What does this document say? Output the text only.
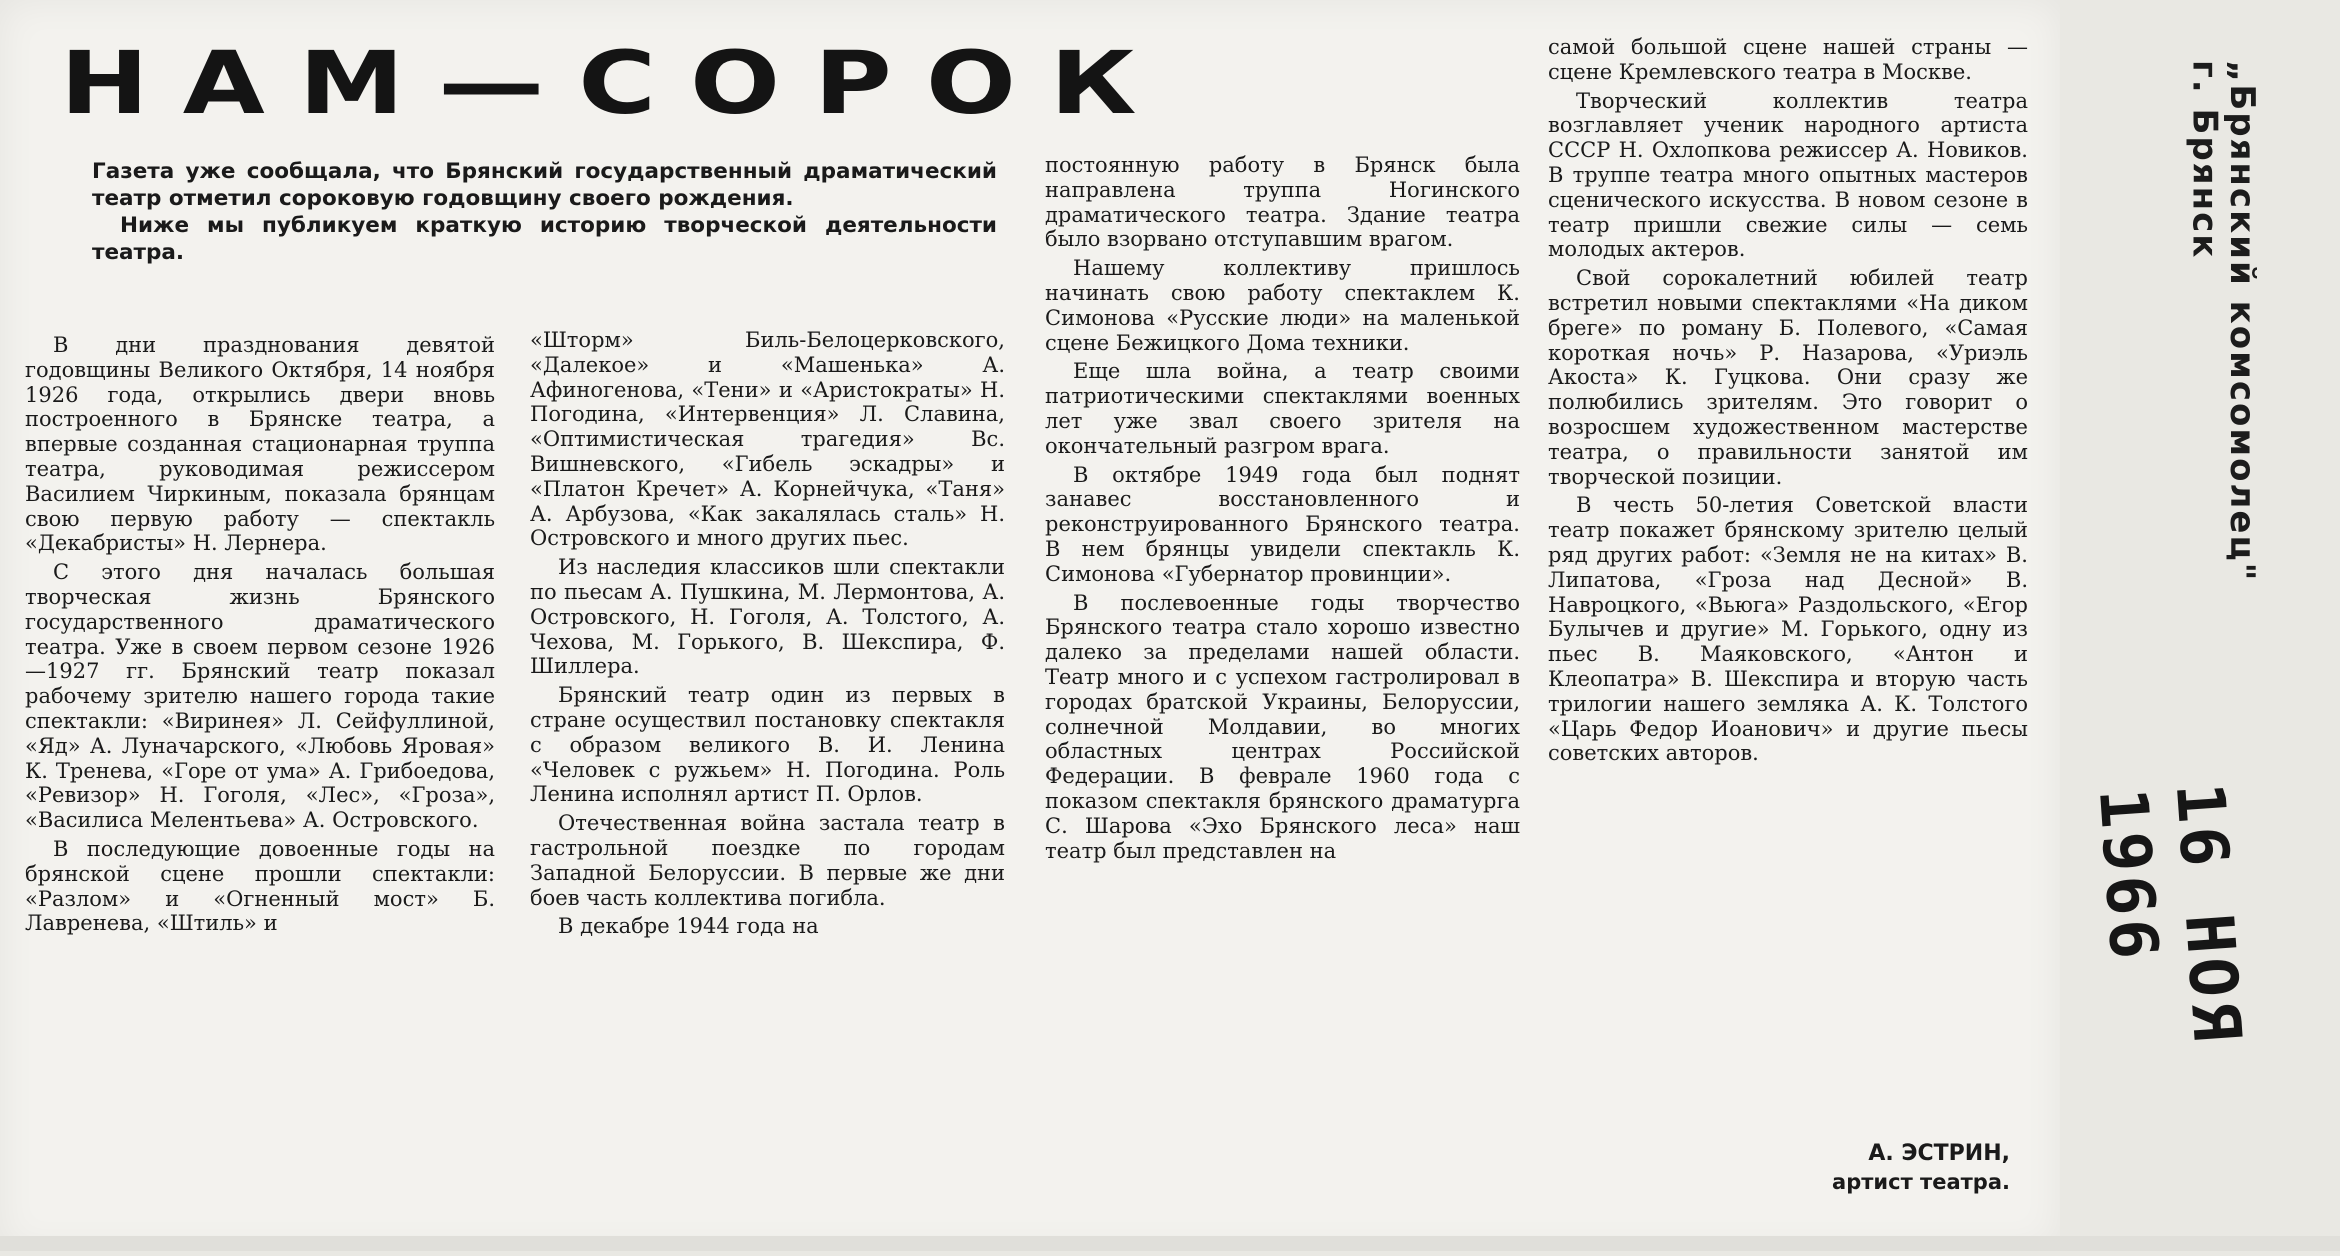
НАМ—СОРОК

Газета уже сообщала, что Брянский государственный драматический театр отметил сороковую годовщину своего рождения.

Ниже мы публикуем краткую историю творческой деятельности театра.

В дни празднования девятой годовщины Великого Октября, 14 ноября 1926 года, открылись двери вновь построенного в Брянске театра, а впервые созданная стационарная труппа театра, руководимая режиссером Василием Чиркиным, показала брянцам свою первую работу — спектакль «Декабристы» Н. Лернера.

С этого дня началась большая творческая жизнь Брянского государственного драматического театра. Уже в своем первом сезоне 1926—1927 гг. Брянский театр показал рабочему зрителю нашего города такие спектакли: «Виринея» Л. Сейфуллиной, «Яд» А. Луначарского, «Любовь Яровая» К. Тренева, «Горе от ума» А. Грибоедова, «Ревизор» Н. Гоголя, «Лес», «Гроза», «Василиса Мелентьева» А. Островского.

В последующие довоенные годы на брянской сцене прошли спектакли: «Разлом» и «Огненный мост» Б. Лавренева, «Штиль» и

«Шторм» Биль-Белоцерковского, «Далекое» и «Машенька» А. Афиногенова, «Тени» и «Аристократы» Н. Погодина, «Интервенция» Л. Славина, «Оптимистическая трагедия» Вс. Вишневского, «Гибель эскадры» и «Платон Кречет» А. Корнейчука, «Таня» А. Арбузова, «Как закалялась сталь» Н. Островского и много других пьес.

Из наследия классиков шли спектакли по пьесам А. Пушкина, М. Лермонтова, А. Островского, Н. Гоголя, А. Толстого, А. Чехова, М. Горького, В. Шекспира, Ф. Шиллера.

Брянский театр один из первых в стране осуществил постановку спектакля с образом великого В. И. Ленина «Человек с ружьем» Н. Погодина. Роль Ленина исполнял артист П. Орлов.

Отечественная война застала театр в гастрольной поездке по городам Западной Белоруссии. В первые же дни боев часть коллектива погибла.

В декабре 1944 года на

постоянную работу в Брянск была направлена труппа Ногинского драматического театра. Здание театра было взорвано отступавшим врагом.

Нашему коллективу пришлось начинать свою работу спектаклем К. Симонова «Русские люди» на маленькой сцене Бежицкого Дома техники.

Еще шла война, а театр своими патриотическими спектаклями военных лет уже звал своего зрителя на окончательный разгром врага.

В октябре 1949 года был поднят занавес восстановленного и реконструированного Брянского театра. В нем брянцы увидели спектакль К. Симонова «Губернатор провинции».

В послевоенные годы творчество Брянского театра стало хорошо известно далеко за пределами нашей области. Театр много и с успехом гастролировал в городах братской Украины, Белоруссии, солнечной Молдавии, во многих областных центрах Российской Федерации. В феврале 1960 года с показом спектакля брянского драматурга С. Шарова «Эхо Брянского леса» наш театр был представлен на

самой большой сцене нашей страны — сцене Кремлевского театра в Москве.

Творческий коллектив театра возглавляет ученик народного артиста СССР Н. Охлопкова режиссер А. Новиков. В труппе театра много опытных мастеров сценического искусства. В новом сезоне в театр пришли свежие силы — семь молодых актеров.

Свой сорокалетний юбилей театр встретил новыми спектаклями «На диком бреге» по роману Б. Полевого, «Самая короткая ночь» Р. Назарова, «Уриэль Акоста» К. Гуцкова. Они сразу же полюбились зрителям. Это говорит о возросшем художественном мастерстве театра, о правильности занятой им творческой позиции.

В честь 50-летия Советской власти театр покажет брянскому зрителю целый ряд других работ: «Земля не на китах» В. Липатова, «Гроза над Десной» В. Навроцкого, «Вьюга» Раздольского, «Егор Булычев и другие» М. Горького, одну из пьес В. Маяковского, «Антон и Клеопатра» В. Шекспира и вторую часть трилогии нашего земляка А. К. Толстого «Царь Федор Иоанович» и другие пьесы советских авторов.

А. ЭСТРИН,
артист театра.
„Брянский комсомолец"
г. Брянск
16 НОЯ 1966
